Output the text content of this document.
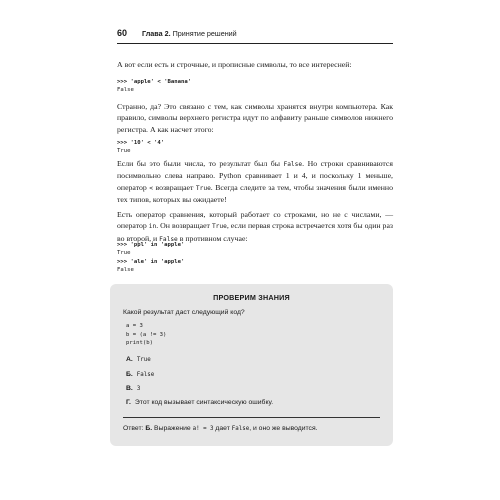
60 Глава 2. Принятие решений
А вот если есть и строчные, и прописные символы, то все интересней:
>>> 'apple' < 'Banana'
False
Странно, да? Это связано с тем, как символы хранятся внутри компьютера. Как правило, символы верхнего регистра идут по алфавиту раньше символов нижнего регистра. А как насчет этого:
>>> '10' < '4'
True
Если бы это были числа, то результат был бы False. Но строки сравниваются посимвольно слева направо. Python сравнивает 1 и 4, и поскольку 1 меньше, оператор < возвращает True. Всегда следите за тем, чтобы значения были именно тех типов, которых вы ожидаете!
Есть оператор сравнения, который работает со строками, но не с числами, — оператор in. Он возвращает True, если первая строка встречается хотя бы один раз во второй, и False в противном случае:
>>> 'ppl' in 'apple'
True
>>> 'ale' in 'apple'
False
ПРОВЕРИМ ЗНАНИЯ
Какой результат даст следующий код?
a = 3
b = (a != 3)
print(b)
А. True
Б. False
В. 3
Г. Этот код вызывает синтаксическую ошибку.
Ответ: Б. Выражение a! = 3 дает False, и оно же выводится.
